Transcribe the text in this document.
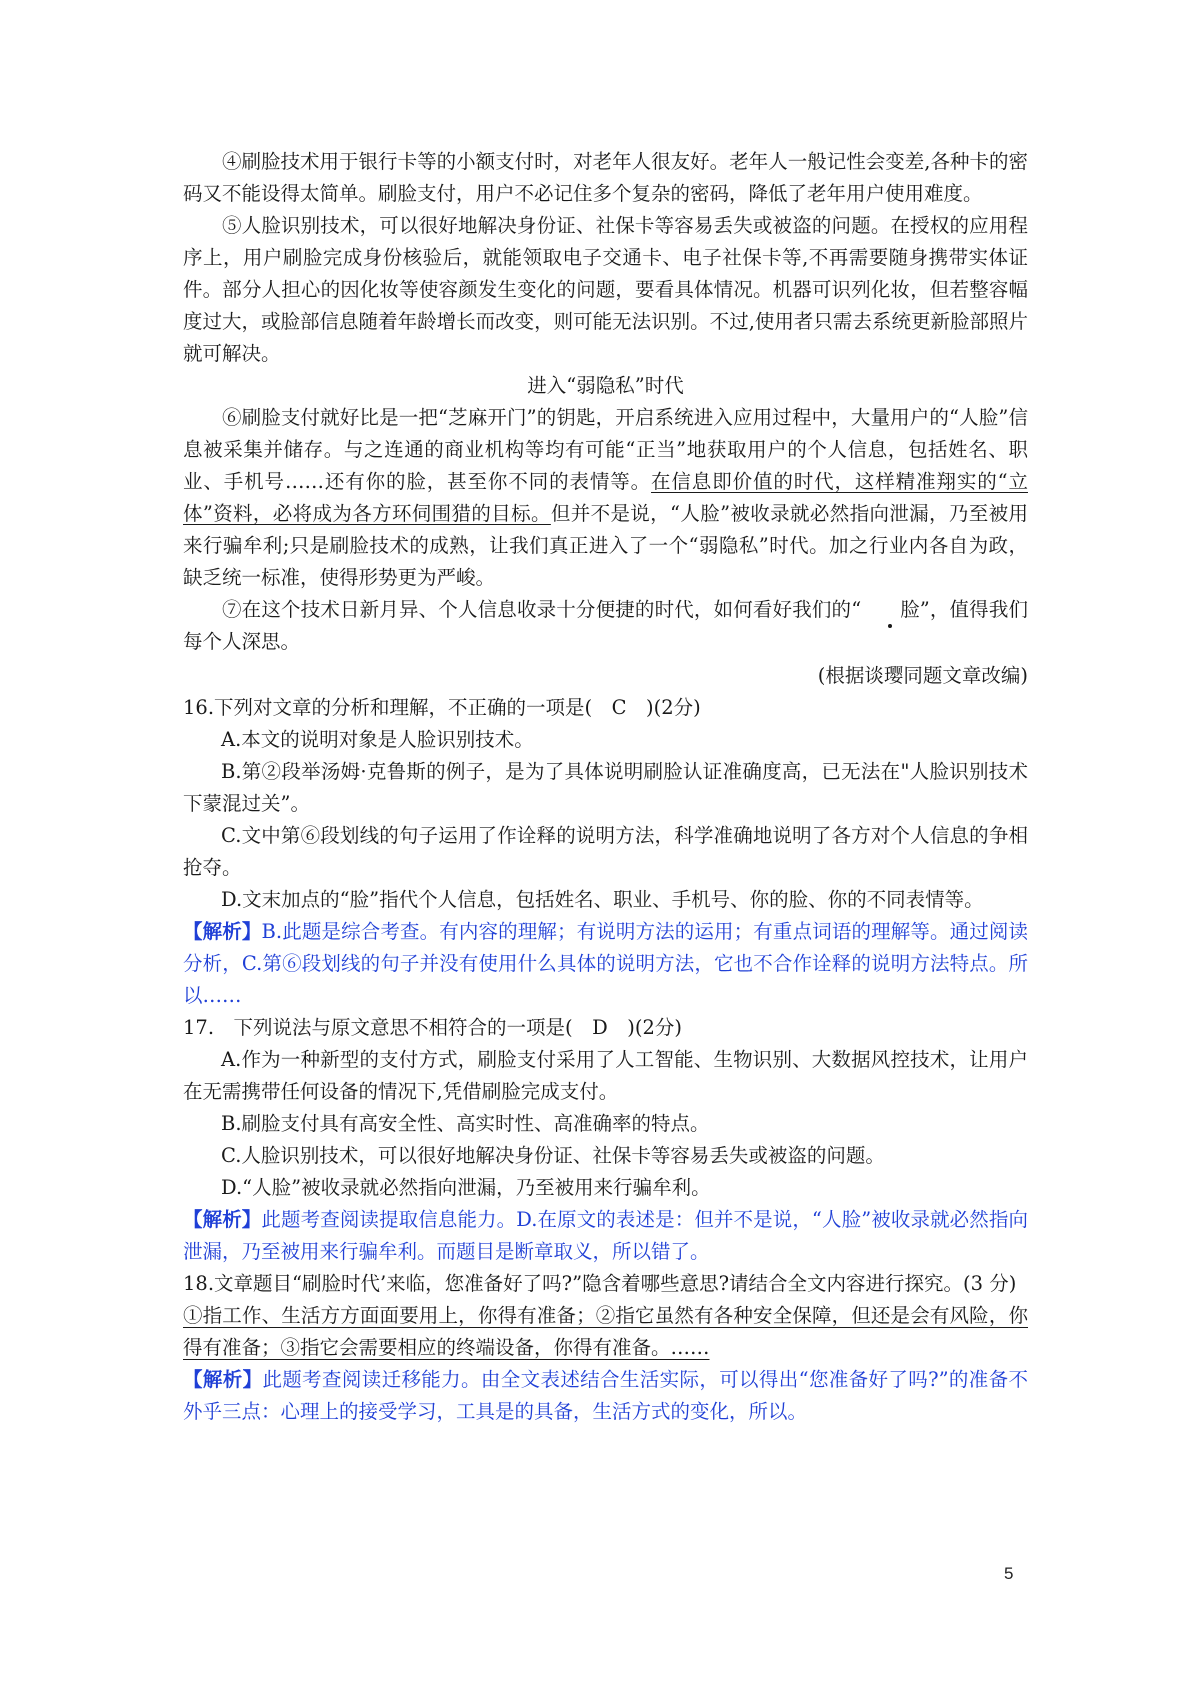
④刷脸技术用于银行卡等的小额支付时，对老年人很友好。老年人一般记性会变差,各种卡的密码又不能设得太简单。刷脸支付，用户不必记住多个复杂的密码，降低了老年用户使用难度。

⑤人脸识别技术，可以很好地解决身份证、社保卡等容易丢失或被盗的问题。在授权的应用程序上，用户刷脸完成身份核验后，就能领取电子交通卡、电子社保卡等,不再需要随身携带实体证件。部分人担心的因化妆等使容颜发生变化的问题，要看具体情况。机器可识列化妆，但若整容幅度过大，或脸部信息随着年龄增长而改变，则可能无法识别。不过,使用者只需去系统更新脸部照片就可解决。

进入“弱隐私”时代

⑥刷脸支付就好比是一把“芝麻开门”的钥匙，开启系统进入应用过程中，大量用户的“人脸”信息被采集并储存。与之连通的商业机构等均有可能“正当”地获取用户的个人信息，包括姓名、职业、手机号……还有你的脸，甚至你不同的表情等。在信息即价值的时代，这样精准翔实的“立体”资料，必将成为各方环伺围猎的目标。但并不是说，“人脸”被收录就必然指向泄漏，乃至被用来行骗牟利;只是刷脸技术的成熟，让我们真正进入了一个“弱隐私”时代。加之行业内各自为政，缺乏统一标准，使得形势更为严峻。

⑦在这个技术日新月异、个人信息收录十分便捷的时代，如何看好我们的“ 脸”，值得我们每个人深思。

(根据谈璎同题文章改编)

16.下列对文章的分析和理解，不正确的一项是(　C　)(2分)

A.本文的说明对象是人脸识别技术。

B.第②段举汤姆·克鲁斯的例子，是为了具体说明刷脸认证准确度高，已无法在"人脸识别技术下蒙混过关”。

C.文中第⑥段划线的句子运用了作诠释的说明方法，科学准确地说明了各方对个人信息的争相抢夺。

D.文末加点的“脸”指代个人信息，包括姓名、职业、手机号、你的脸、你的不同表情等。

【解析】B.此题是综合考查。有内容的理解；有说明方法的运用；有重点词语的理解等。通过阅读分析，C.第⑥段划线的句子并没有使用什么具体的说明方法，它也不合作诠释的说明方法特点。所以……

17.　下列说法与原文意思不相符合的一项是(　D　)(2分)

A.作为一种新型的支付方式，刷脸支付采用了人工智能、生物识别、大数据风控技术，让用户在无需携带任何设备的情况下,凭借刷脸完成支付。

B.刷脸支付具有高安全性、高实时性、高准确率的特点。

C.人脸识别技术，可以很好地解决身份证、社保卡等容易丢失或被盗的问题。

D.“人脸”被收录就必然指向泄漏，乃至被用来行骗牟利。

【解析】此题考查阅读提取信息能力。D.在原文的表述是：但并不是说，“人脸”被收录就必然指向泄漏，乃至被用来行骗牟利。而题目是断章取义，所以错了。

18.文章题目“刷脸时代’来临，您准备好了吗?”隐含着哪些意思?请结合全文内容进行探究。(3 分)

①指工作、生活方方面面要用上，你得有准备；②指它虽然有各种安全保障，但还是会有风险，你得有准备；③指它会需要相应的终端设备，你得有准备。……

【解析】此题考查阅读迁移能力。由全文表述结合生活实际，可以得出“您准备好了吗?”的准备不外乎三点：心理上的接受学习，工具是的具备，生活方式的变化，所以。

5
